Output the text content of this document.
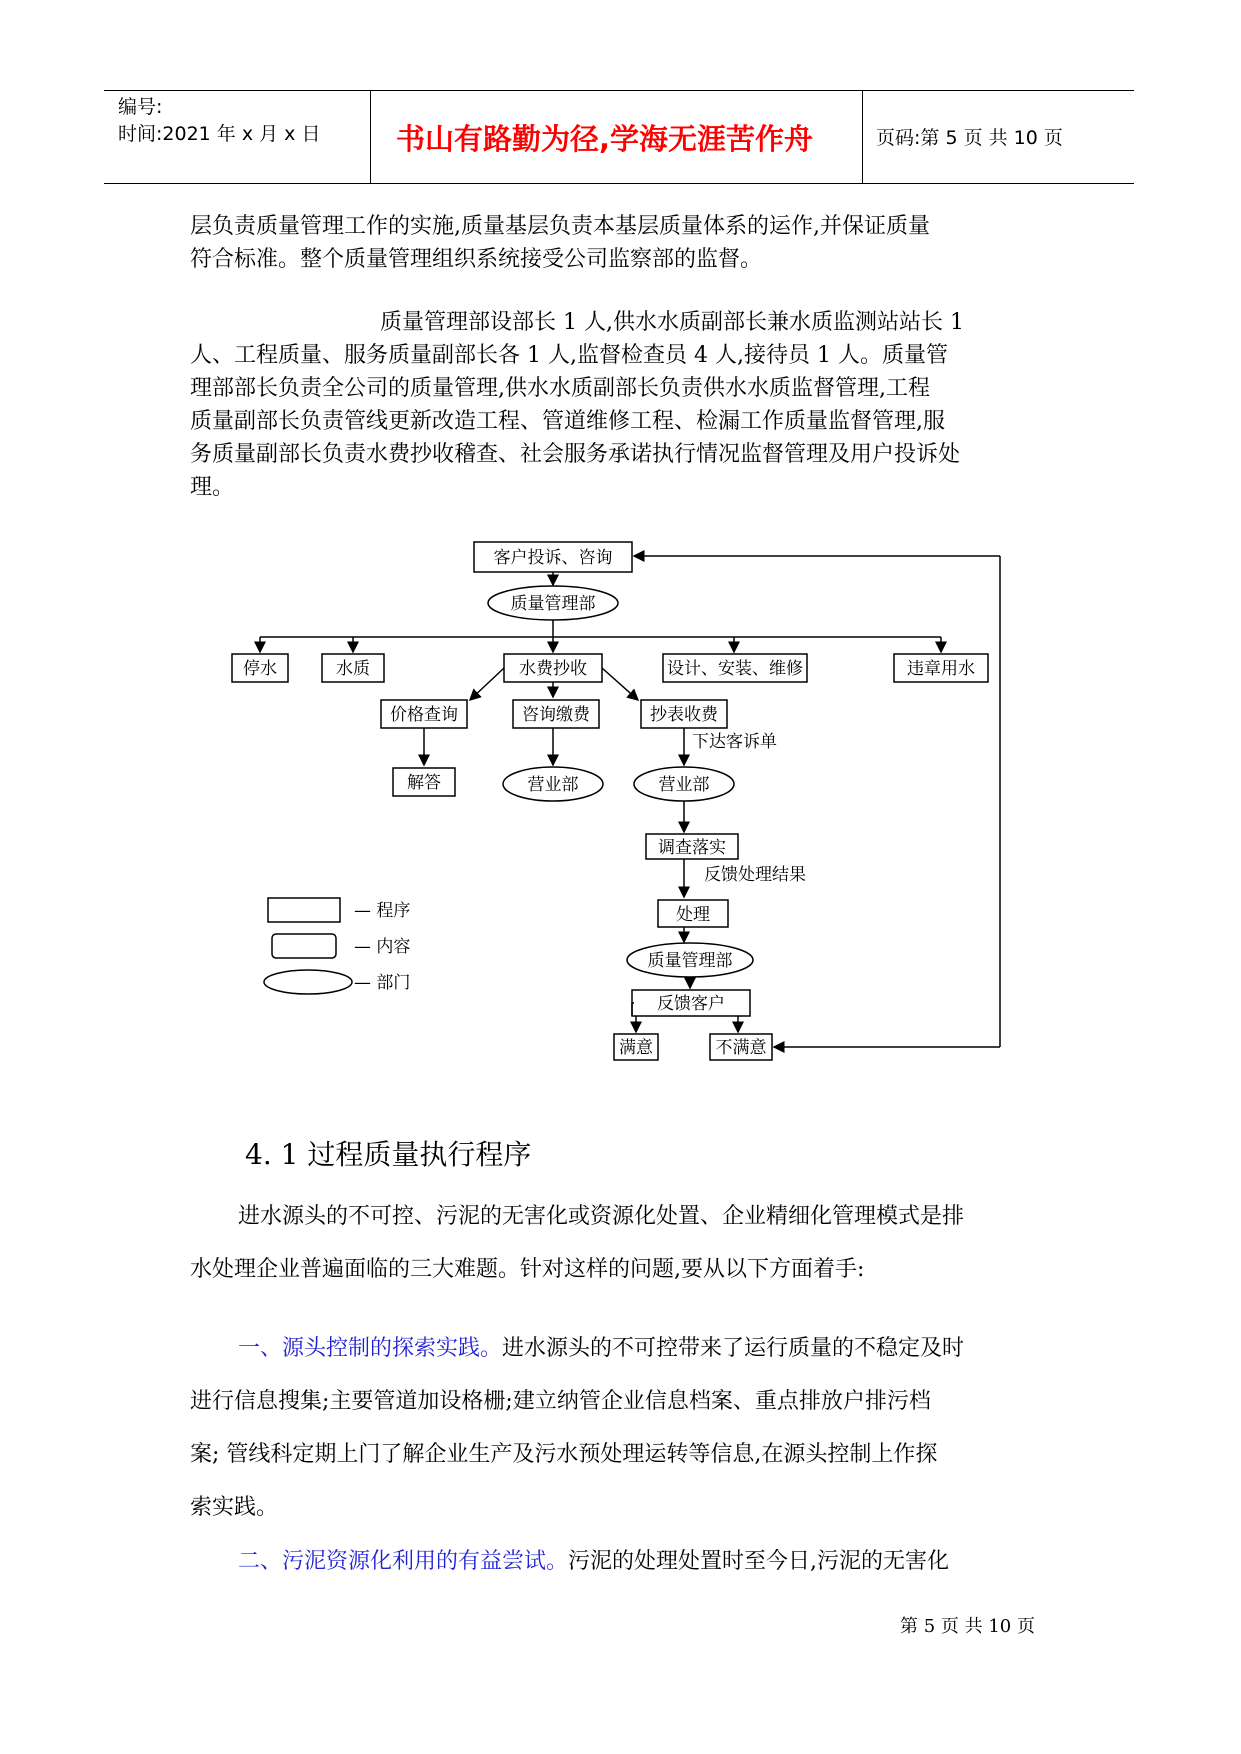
编号:
时间:2021 年 x 月 x 日	书山有路勤为径,学海无涯苦作舟	页码:第 5 页 共 10 页
层负责质量管理工作的实施,质量基层负责本基层质量体系的运作,并保证质量
符合标准。整个质量管理组织系统接受公司监察部的监督。
质量管理部设部长 1 人,供水水质副部长兼水质监测站站长 1
人、工程质量、服务质量副部长各 1 人,监督检查员 4 人,接待员 1 人。质量管
理部部长负责全公司的质量管理,供水水质副部长负责供水水质监督管理,工程
质量副部长负责管线更新改造工程、管道维修工程、检漏工作质量监督管理,服
务质量副部长负责水费抄收稽查、社会服务承诺执行情况监督管理及用户投诉处
理。
客户投诉、咨询
质量管理部
停水	水质	水费抄收	设计、安装、维修	违章用水
价格查询	咨询缴费	抄表收费
解答	营业部	营业部
下达客诉单
调查落实
反馈处理结果
处理
质量管理部
反馈客户
满意	不满意
— 程序
— 内容
— 部门
4. 1 过程质量执行程序
进水源头的不可控、污泥的无害化或资源化处置、企业精细化管理模式是排
水处理企业普遍面临的三大难题。针对这样的问题,要从以下方面着手:
一、源头控制的探索实践。进水源头的不可控带来了运行质量的不稳定及时
进行信息搜集;主要管道加设格栅;建立纳管企业信息档案、重点排放户排污档
案; 管线科定期上门了解企业生产及污水预处理运转等信息,在源头控制上作探
索实践。
二、污泥资源化利用的有益尝试。污泥的处理处置时至今日,污泥的无害化
第 5 页 共 10 页
